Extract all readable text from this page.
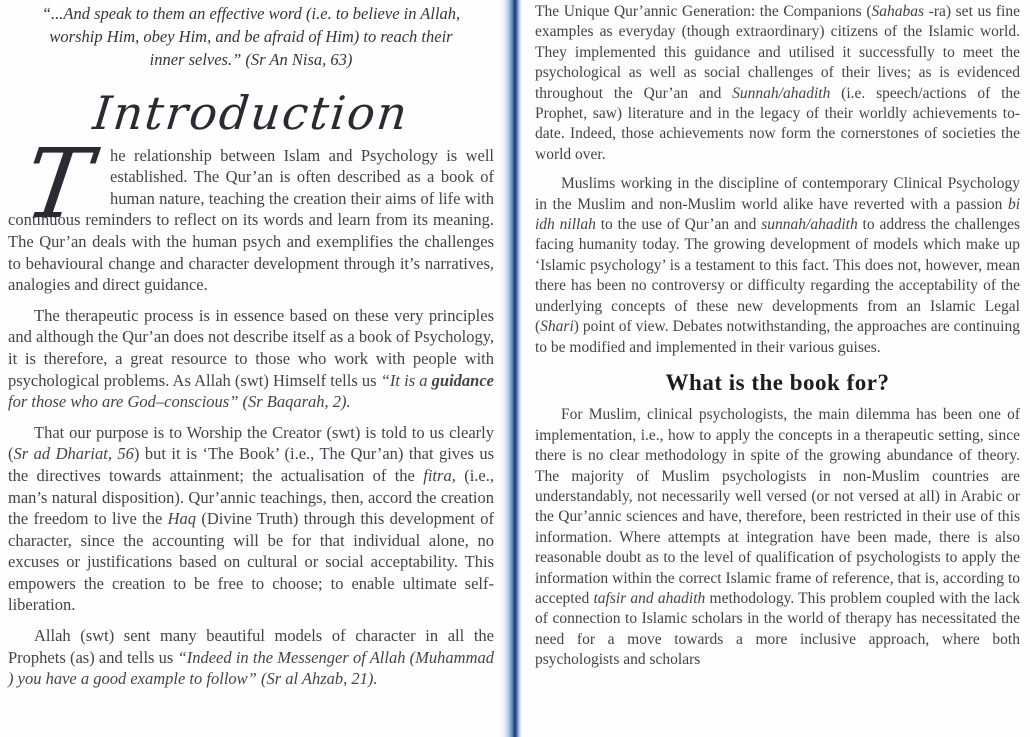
“...And speak to them an effective word (i.e. to believe in Allah, worship Him, obey Him, and be afraid of Him) to reach their inner selves.” (Sr An Nisa, 63)
Introduction

The relationship between Islam and Psychology is well established. The Qur’an is often described as a book of human nature, teaching the creation their aims of life with continuous reminders to reflect on its words and learn from its meaning. The Qur’an deals with the human psych and exemplifies the challenges to behavioural change and character development through it’s narratives, analogies and direct guidance.

The therapeutic process is in essence based on these very principles and although the Qur’an does not describe itself as a book of Psychology, it is therefore, a great resource to those who work with people with psychological problems. As Allah (swt) Himself tells us “It is a guidance for those who are God–conscious” (Sr Baqarah, 2).

That our purpose is to Worship the Creator (swt) is told to us clearly (Sr ad Dhariat, 56) but it is ‘The Book’ (i.e., The Qur’an) that gives us the directives towards attainment; the actualisation of the fitra, (i.e., man’s natural disposition). Qur’annic teachings, then, accord the creation the freedom to live the Haq (Divine Truth) through this development of character, since the accounting will be for that individual alone, no excuses or justifications based on cultural or social acceptability. This empowers the creation to be free to choose; to enable ultimate self-liberation.

Allah (swt) sent many beautiful models of character in all the Prophets (as) and tells us “Indeed in the Messenger of Allah (Muhammad ) you have a good example to follow” (Sr al Ahzab, 21).

The Unique Qur’annic Generation: the Companions (Sahabas -ra) set us fine examples as everyday (though extraordinary) citizens of the Islamic world. They implemented this guidance and utilised it successfully to meet the psychological as well as social challenges of their lives; as is evidenced throughout the Qur’an and Sunnah/ahadith (i.e. speech/actions of the Prophet, saw) literature and in the legacy of their worldly achievements to-date. Indeed, those achievements now form the cornerstones of societies the world over.

Muslims working in the discipline of contemporary Clinical Psychology in the Muslim and non-Muslim world alike have reverted with a passion bi idh nillah to the use of Qur’an and sunnah/ahadith to address the challenges facing humanity today. The growing development of models which make up ‘Islamic psychology’ is a testament to this fact. This does not, however, mean there has been no controversy or difficulty regarding the acceptability of the underlying concepts of these new developments from an Islamic Legal (Shari) point of view. Debates notwithstanding, the approaches are continuing to be modified and implemented in their various guises.

What is the book for?

For Muslim, clinical psychologists, the main dilemma has been one of implementation, i.e., how to apply the concepts in a therapeutic setting, since there is no clear methodology in spite of the growing abundance of theory. The majority of Muslim psychologists in non-Muslim countries are understandably, not necessarily well versed (or not versed at all) in Arabic or the Qur’annic sciences and have, therefore, been restricted in their use of this information. Where attempts at integration have been made, there is also reasonable doubt as to the level of qualification of psychologists to apply the information within the correct Islamic frame of reference, that is, according to accepted tafsir and ahadith methodology. This problem coupled with the lack of connection to Islamic scholars in the world of therapy has necessitated the need for a move towards a more inclusive approach, where both psychologists and scholars
